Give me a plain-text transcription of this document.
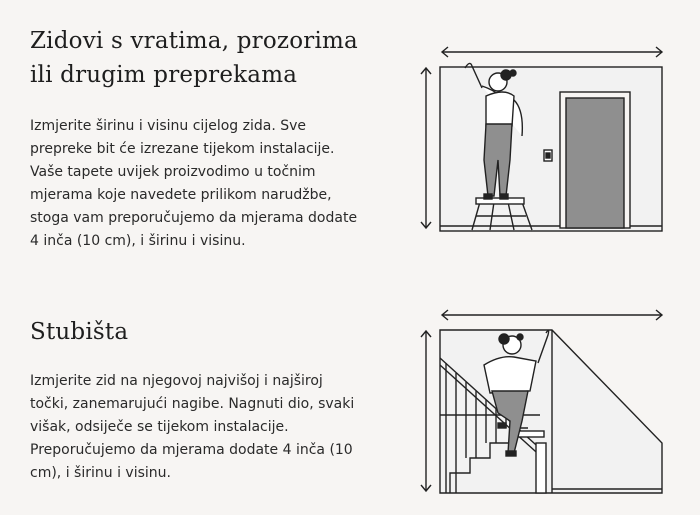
Zidovi s vratima, prozorima ili drugim preprekama

Izmjerite širinu i visinu cijelog zida. Sve prepreke bit će izrezane tijekom instalacije. Vaše tapete uvijek proizvodimo u točnim mjerama koje navedete prilikom narudžbe, stoga vam preporučujemo da mjerama dodate 4 inča (10 cm), i širinu i visinu.

Stubišta

Izmjerite zid na njegovoj najvišoj i najširoj točki, zanemarujući nagibe. Nagnuti dio, svaki višak, odsiječe se tijekom instalacije. Preporučujemo da mjerama dodate 4 inča (10 cm), i širinu i visinu.
